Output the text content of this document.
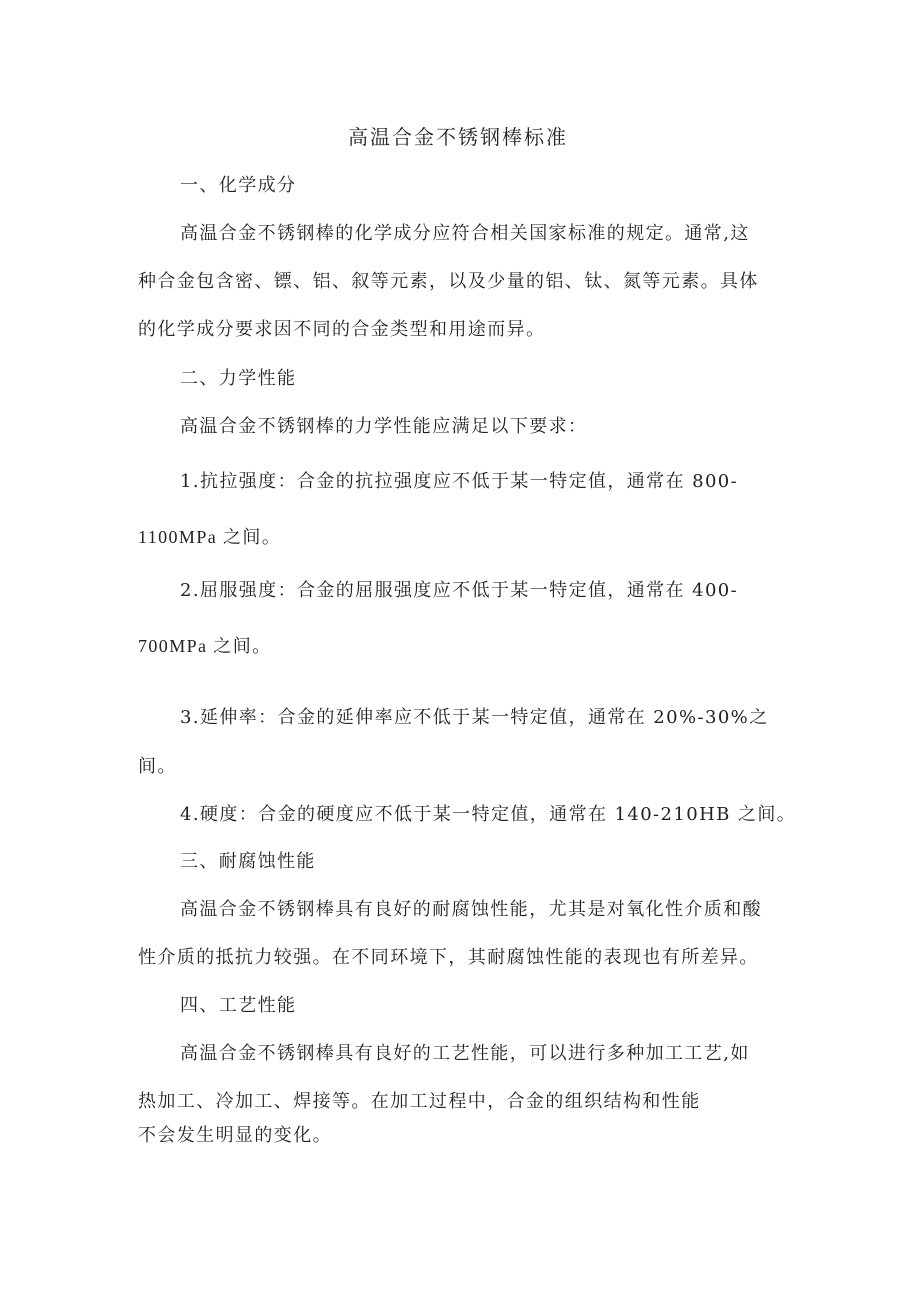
高温合金不锈钢棒标准
一、化学成分
高温合金不锈钢棒的化学成分应符合相关国家标准的规定。通常,这
种合金包含密、镖、铝、叙等元素，以及少量的铝、钛、氮等元素。具体
的化学成分要求因不同的合金类型和用途而异。
二、力学性能
高温合金不锈钢棒的力学性能应满足以下要求：
1.抗拉强度：合金的抗拉强度应不低于某一特定值，通常在 800-
1100MPa 之间。
2.屈服强度：合金的屈服强度应不低于某一特定值，通常在 400-
700MPa 之间。
3.延伸率：合金的延伸率应不低于某一特定值，通常在 20%-30%之
间。
4.硬度：合金的硬度应不低于某一特定值，通常在 140-210HB 之间。
三、耐腐蚀性能
高温合金不锈钢棒具有良好的耐腐蚀性能，尤其是对氧化性介质和酸
性介质的抵抗力较强。在不同环境下，其耐腐蚀性能的表现也有所差异。
四、工艺性能
高温合金不锈钢棒具有良好的工艺性能，可以进行多种加工工艺,如
热加工、冷加工、焊接等。在加工过程中，合金的组织结构和性能
不会发生明显的变化。
